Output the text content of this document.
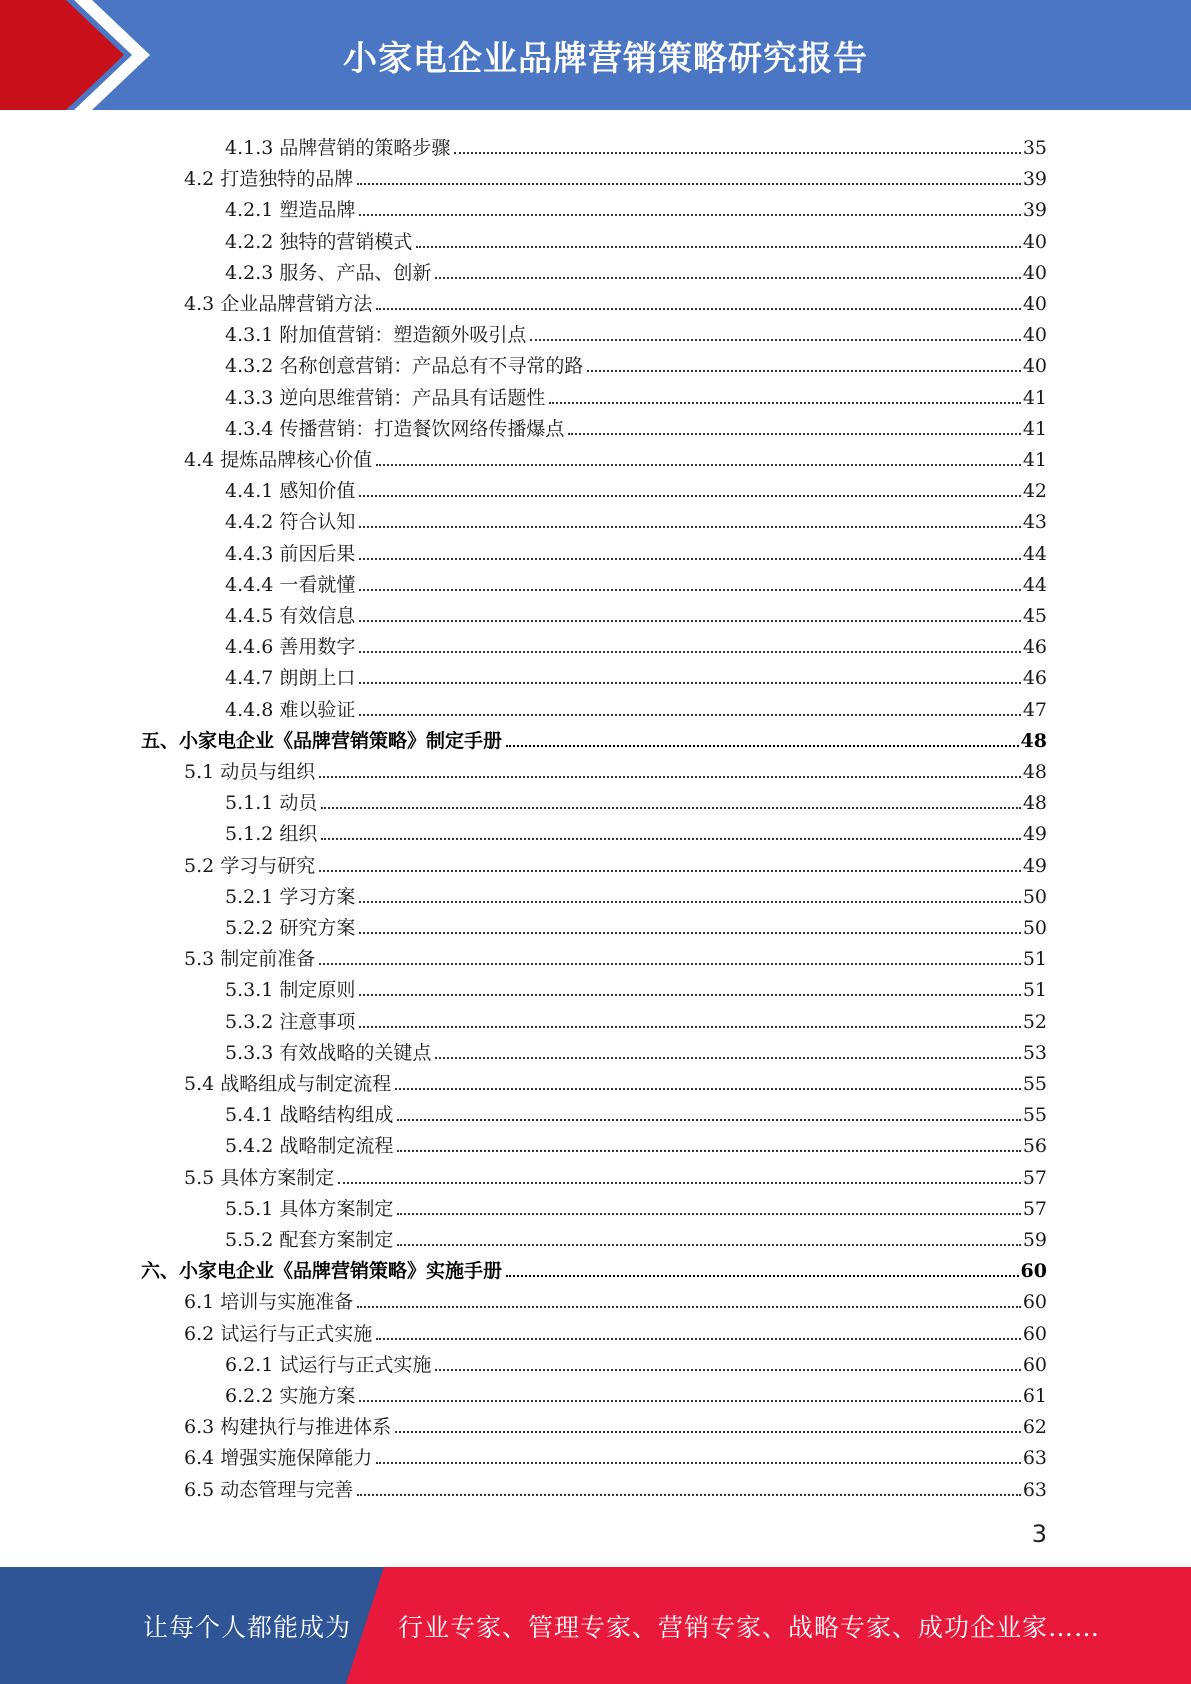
小家电企业品牌营销策略研究报告
4.1.3 品牌营销的策略步骤	35
4.2 打造独特的品牌	39
4.2.1 塑造品牌	39
4.2.2 独特的营销模式	40
4.2.3 服务、产品、创新	40
4.3 企业品牌营销方法	40
4.3.1 附加值营销：塑造额外吸引点	40
4.3.2 名称创意营销：产品总有不寻常的路	40
4.3.3 逆向思维营销：产品具有话题性	41
4.3.4 传播营销：打造餐饮网络传播爆点	41
4.4 提炼品牌核心价值	41
4.4.1 感知价值	42
4.4.2 符合认知	43
4.4.3 前因后果	44
4.4.4 一看就懂	44
4.4.5 有效信息	45
4.4.6 善用数字	46
4.4.7 朗朗上口	46
4.4.8 难以验证	47
五、小家电企业《品牌营销策略》制定手册	48
5.1 动员与组织	48
5.1.1 动员	48
5.1.2 组织	49
5.2 学习与研究	49
5.2.1 学习方案	50
5.2.2 研究方案	50
5.3 制定前准备	51
5.3.1 制定原则	51
5.3.2 注意事项	52
5.3.3 有效战略的关键点	53
5.4 战略组成与制定流程	55
5.4.1 战略结构组成	55
5.4.2 战略制定流程	56
5.5 具体方案制定	57
5.5.1 具体方案制定	57
5.5.2 配套方案制定	59
六、小家电企业《品牌营销策略》实施手册	60
6.1 培训与实施准备	60
6.2 试运行与正式实施	60
6.2.1 试运行与正式实施	60
6.2.2 实施方案	61
6.3 构建执行与推进体系	62
6.4 增强实施保障能力	63
6.5 动态管理与完善	63
3
让每个人都能成为 行业专家、管理专家、营销专家、战略专家、成功企业家……
